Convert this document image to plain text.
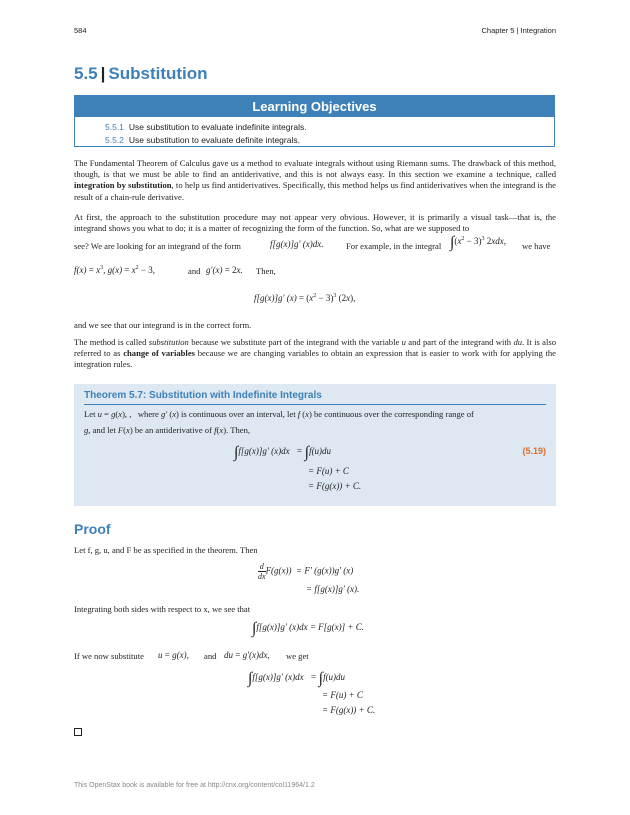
584	Chapter 5 | Integration
5.5 | Substitution
Learning Objectives
5.5.1 Use substitution to evaluate indefinite integrals.
5.5.2 Use substitution to evaluate definite integrals.
The Fundamental Theorem of Calculus gave us a method to evaluate integrals without using Riemann sums. The drawback of this method, though, is that we must be able to find an antiderivative, and this is not always easy. In this section we examine a technique, called integration by substitution, to help us find antiderivatives. Specifically, this method helps us find antiderivatives when the integrand is the result of a chain-rule derivative.
At first, the approach to the substitution procedure may not appear very obvious. However, it is primarily a visual task—that is, the integrand shows you what to do; it is a matter of recognizing the form of the function. So, what are we supposed to
see? We are looking for an integrand of the form	f[g(x)]g′ (x)dx.	For example, in the integral $\int(x^2 - 3)^3$ 2xdx, we have
$f(x) = x^3$, $g(x) = x^2 - 3$,	and g′(x) = 2x. Then,
f[g(x)]g′ $(x) = (x^2 - 3)^3$ (2x),
and we see that our integrand is in the correct form.
The method is called substitution because we substitute part of the integrand with the variable u and part of the integrand with du. It is also referred to as change of variables because we are changing variables to obtain an expression that is easier to work with for applying the integration rules.
Theorem 5.7: Substitution with Indefinite Integrals
Let u = g(x), ,   where g′ (x) is continuous over an interval, let f (x) be continuous over the corresponding range of
g, and let F(x) be an antiderivative of f(x). Then,
∫f[g(x)]g′ (x)dx   = ∫f(u)du
= F(u) + C
= F(g(x)) + C.
(5.19)
Proof
Let f, g, u, and F be as specified in the theorem. Then
$\frac{d}{dx} F(g(x)) = F'$ (g(x))g′ (x)
= f[g(x)]g′ (x).
Integrating both sides with respect to x, we see that
∫f[g(x)]g′ (x)dx = F[g(x)] + C.
If we now substitute u = g(x), and du = g′(x)dx, we get
∫f[g(x)]g′ (x)dx   = ∫f(u)du
= F(u) + C
= F(g(x)) + C.
This OpenStax book is available for free at http://cnx.org/content/col11964/1.2
